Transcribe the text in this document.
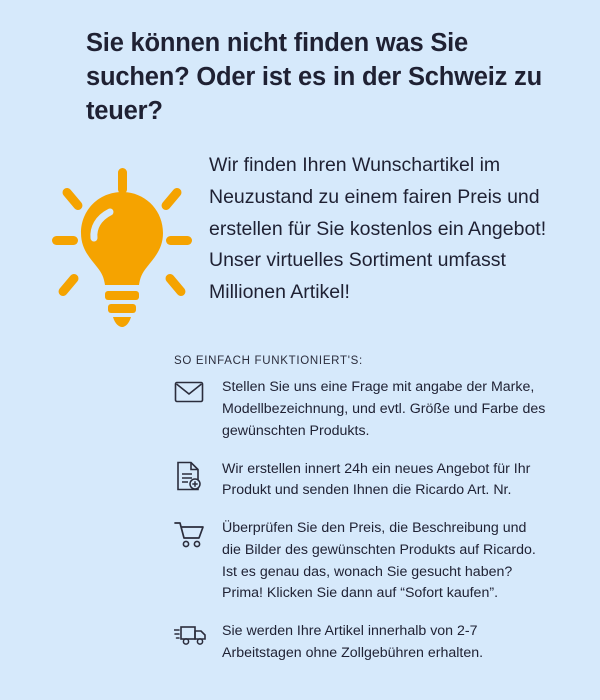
Sie können nicht finden was Sie suchen? Oder ist es in der Schweiz zu teuer?
Wir finden Ihren Wunschartikel im Neuzustand zu einem fairen Preis und erstellen für Sie kostenlos ein Angebot! Unser virtuelles Sortiment umfasst Millionen Artikel!
SO EINFACH FUNKTIONIERT'S:
Stellen Sie uns eine Frage mit angabe der Marke, Modellbezeichnung, und evtl. Größe und Farbe des gewünschten Produkts.
Wir erstellen innert 24h ein neues Angebot für Ihr Produkt und senden Ihnen die Ricardo Art. Nr.
Überprüfen Sie den Preis, die Beschreibung und die Bilder des gewünschten Produkts auf Ricardo. Ist es genau das, wonach Sie gesucht haben? Prima! Klicken Sie dann auf “Sofort kaufen”.
Sie werden Ihre Artikel innerhalb von 2-7 Arbeitstagen ohne Zollgebühren erhalten.
